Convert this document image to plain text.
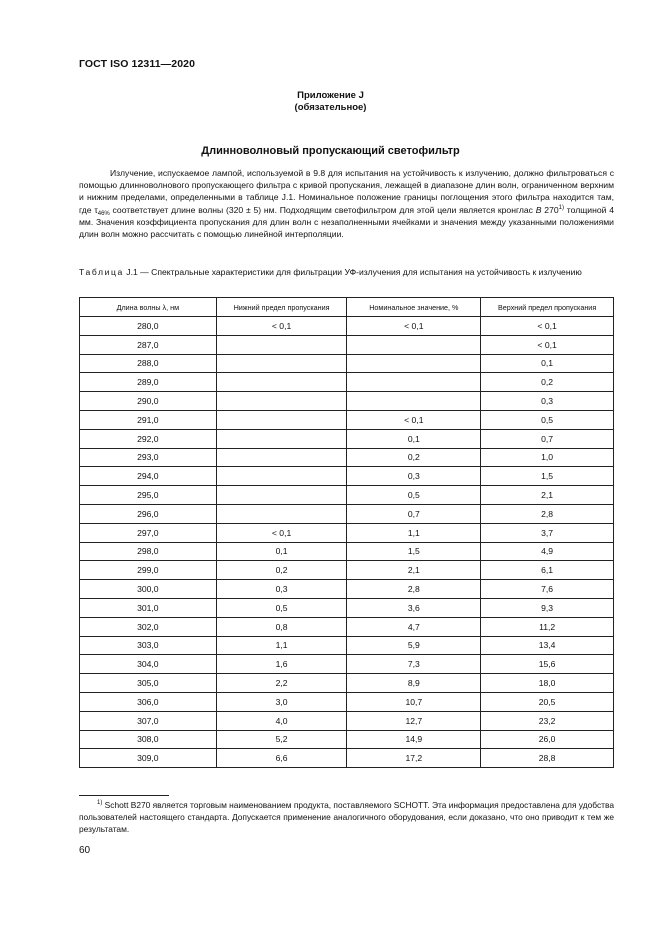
ГОСТ ISO 12311—2020
Приложение J
(обязательное)
Длинноволновый пропускающий светофильтр

Излучение, испускаемое лампой, используемой в 9.8 для испытания на устойчивость к излучению, должно фильтроваться с помощью длинноволнового пропускающего фильтра с кривой пропускания, лежащей в диапазоне длин волн, ограниченном верхним и нижним пределами, определенными в таблице J.1. Номинальное положение границы поглощения этого фильтра находится там, где $\tau_{46\%}$ соответствует длине волны (320 ± 5) нм. Подходящим светофильтром для этой цели является кронглас B 270$^{1)}$ толщиной 4 мм. Значения коэффициента пропускания для длин волн с незаполненными ячейками и значения между указанными положениями длин волн можно рассчитать с помощью линейной интерполяции.

Таблица J.1 — Спектральные характеристики для фильтрации УФ-излучения для испытания на устойчивость к излучению
Длина волны λ, нм	Нижний предел пропускания	Номинальное значение, %	Верхний предел пропускания
280,0	< 0,1	< 0,1	< 0,1
287,0			< 0,1
288,0			0,1
289,0			0,2
290,0			0,3
291,0		< 0,1	0,5
292,0		0,1	0,7
293,0		0,2	1,0
294,0		0,3	1,5
295,0		0,5	2,1
296,0		0,7	2,8
297,0	< 0,1	1,1	3,7
298,0	0,1	1,5	4,9
299,0	0,2	2,1	6,1
300,0	0,3	2,8	7,6
301,0	0,5	3,6	9,3
302,0	0,8	4,7	11,2
303,0	1,1	5,9	13,4
304,0	1,6	7,3	15,6
305,0	2,2	8,9	18,0
306,0	3,0	10,7	20,5
307,0	4,0	12,7	23,2
308,0	5,2	14,9	26,0
309,0	6,6	17,2	28,8
$^{1)}$ Schott B270 является торговым наименованием продукта, поставляемого SCHOTT. Эта информация предоставлена для удобства пользователей настоящего стандарта. Допускается применение аналогичного оборудования, если доказано, что оно приводит к тем же результатам.
60
